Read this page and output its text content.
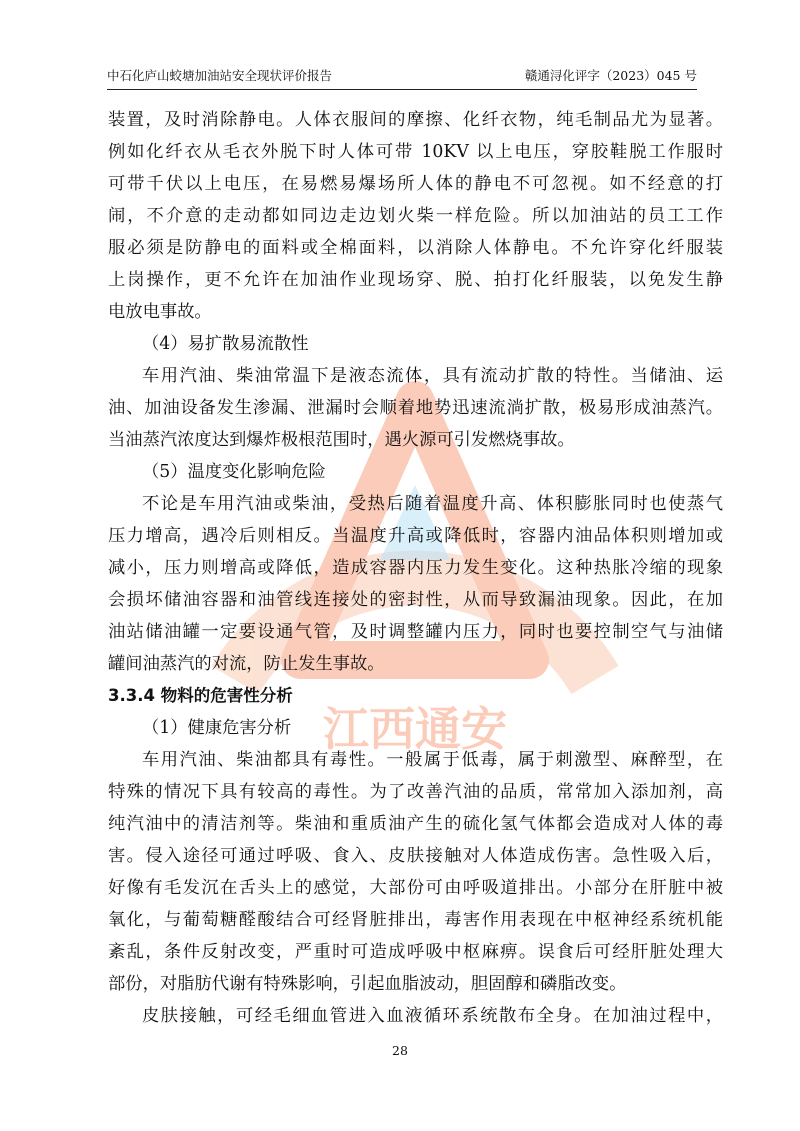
中石化庐山蛟塘加油站安全现状评价报告	赣通浔化评字（2023）045 号
江西通安
装置，及时消除静电。人体衣服间的摩擦、化纤衣物，纯毛制品尤为显著。
例如化纤衣从毛衣外脱下时人体可带 10KV 以上电压，穿胶鞋脱工作服时
可带千伏以上电压，在易燃易爆场所人体的静电不可忽视。如不经意的打
闹，不介意的走动都如同边走边划火柴一样危险。所以加油站的员工工作
服必须是防静电的面料或全棉面料，以消除人体静电。不允许穿化纤服装
上岗操作，更不允许在加油作业现场穿、脱、拍打化纤服装，以免发生静
电放电事故。
（4）易扩散易流散性
车用汽油、柴油常温下是液态流体，具有流动扩散的特性。当储油、运
油、加油设备发生渗漏、泄漏时会顺着地势迅速流淌扩散，极易形成油蒸汽。
当油蒸汽浓度达到爆炸极根范围时，遇火源可引发燃烧事故。
（5）温度变化影响危险
不论是车用汽油或柴油，受热后随着温度升高、体积膨胀同时也使蒸气
压力增高，遇冷后则相反。当温度升高或降低时，容器内油品体积则增加或
减小，压力则增高或降低，造成容器内压力发生变化。这种热胀冷缩的现象
会损坏储油容器和油管线连接处的密封性，从而导致漏油现象。因此，在加
油站储油罐一定要设通气管，及时调整罐内压力，同时也要控制空气与油储
罐间油蒸汽的对流，防止发生事故。
3.3.4 物料的危害性分析
（1）健康危害分析
车用汽油、柴油都具有毒性。一般属于低毒，属于刺激型、麻醉型，在
特殊的情况下具有较高的毒性。为了改善汽油的品质，常常加入添加剂，高
纯汽油中的清洁剂等。柴油和重质油产生的硫化氢气体都会造成对人体的毒
害。侵入途径可通过呼吸、食入、皮肤接触对人体造成伤害。急性吸入后，
好像有毛发沉在舌头上的感觉，大部份可由呼吸道排出。小部分在肝脏中被
氧化，与葡萄糖醛酸结合可经肾脏排出，毒害作用表现在中枢神经系统机能
紊乱，条件反射改变，严重时可造成呼吸中枢麻痹。误食后可经肝脏处理大
部份，对脂肪代谢有特殊影响，引起血脂波动，胆固醇和磷脂改变。
皮肤接触，可经毛细血管进入血液循环系统散布全身。在加油过程中，
28
